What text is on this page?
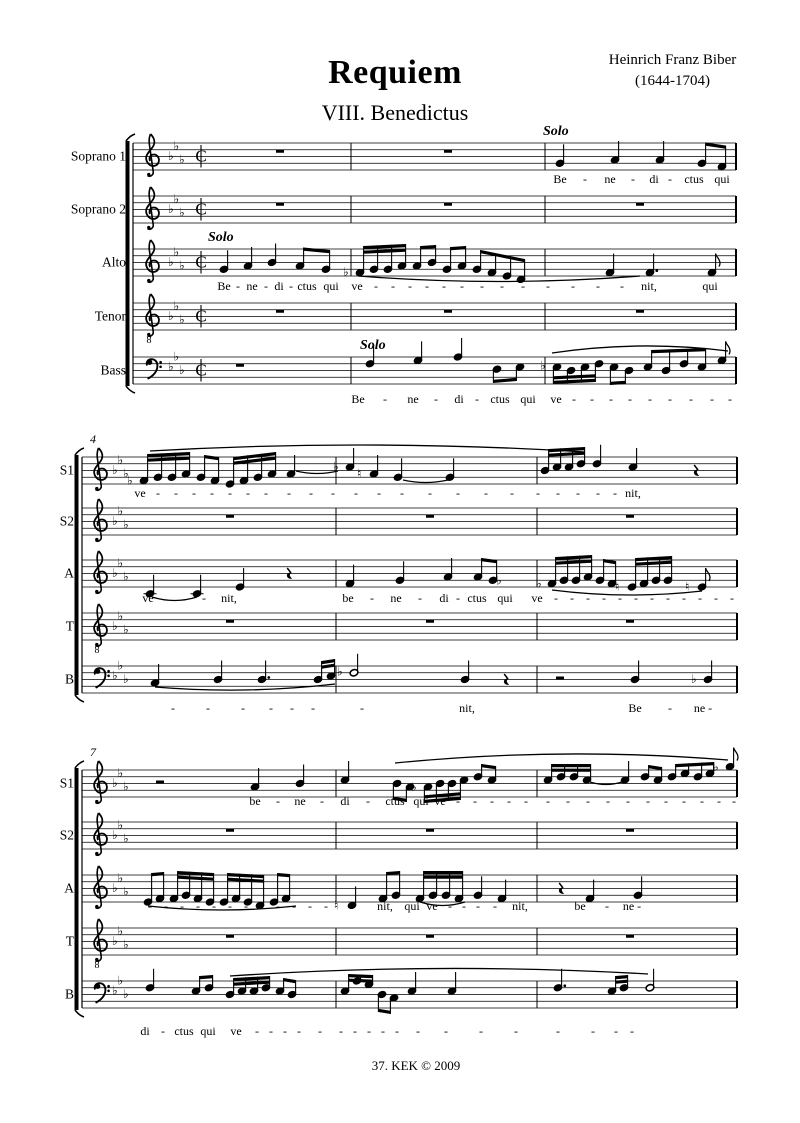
Heinrich Franz Biber
(1644-1704)
Requiem
VIII. Benedictus
Soprano 1	♭
♭
♭ C
Solo
Be - ne - di - ctus qui
Soprano 2	♭
♭
♭ C
Alto	♭
♭
♭ C
Solo
♭
Be - ne - di - ctus qui ve - - - - - - - - - - - - - nit,	qui
Tenor
8
♭
♭
♭ C
Bass	♭
♭
♭ C
Solo
♭
Be - ne - di - ctus qui ve - - - - - - - - -
4
S1	♭
♭
♭
♭
♭ ♮
ve - - - - - - - - - - - - - - - - - - - - - - nit,
S2	♭
♭
♭
A	♭
♭
♭	♭	♭	♮	♮
ve	- nit,	be - ne - di - ctus qui ve - - - - - - - - - - - -
T
8
♭
♭
♭
B	♭
♭
♭
♭
♭
-	-	- - - -	-	nit,	Be - ne -
7
S1	♭
♭
♭	♭
♭
be - ne - di - ctus qui ve - - - - - - - - - - - - - - - -
S2	♭
♭
♭
A	♭
♭
♭
♮
- - - - - - - - - - - - - nit, qui ve - - - - nit,	be - ne -
T
8
♭
♭
♭
B	♭
♭
♭
di - ctus qui ve - - - - - - - - - - - -	-	-	-	- - -
37. KEK © 2009
